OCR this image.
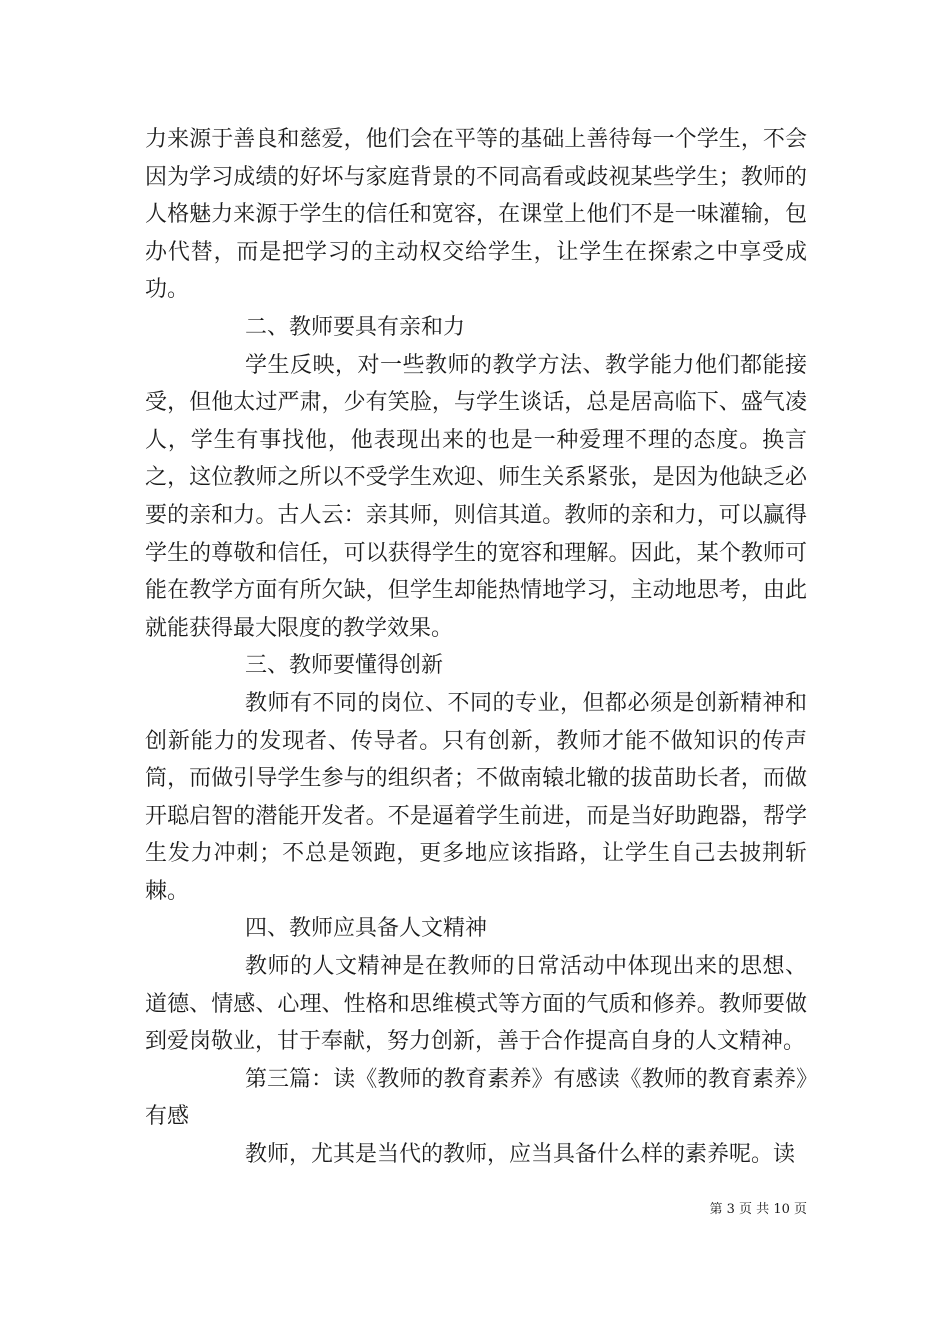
力来源于善良和慈爱，他们会在平等的基础上善待每一个学生，不会因为学习成绩的好坏与家庭背景的不同高看或歧视某些学生；教师的人格魅力来源于学生的信任和宽容，在课堂上他们不是一味灌输，包办代替，而是把学习的主动权交给学生，让学生在探索之中享受成功。

二、教师要具有亲和力

学生反映，对一些教师的教学方法、教学能力他们都能接受，但他太过严肃，少有笑脸，与学生谈话，总是居高临下、盛气凌人，学生有事找他，他表现出来的也是一种爱理不理的态度。换言之，这位教师之所以不受学生欢迎、师生关系紧张，是因为他缺乏必要的亲和力。古人云：亲其师，则信其道。教师的亲和力，可以赢得学生的尊敬和信任，可以获得学生的宽容和理解。因此，某个教师可能在教学方面有所欠缺，但学生却能热情地学习，主动地思考，由此就能获得最大限度的教学效果。

三、教师要懂得创新

教师有不同的岗位、不同的专业，但都必须是创新精神和创新能力的发现者、传导者。只有创新，教师才能不做知识的传声筒，而做引导学生参与的组织者；不做南辕北辙的拔苗助长者，而做开聪启智的潜能开发者。不是逼着学生前进，而是当好助跑器，帮学生发力冲刺；不总是领跑，更多地应该指路，让学生自己去披荆斩棘。

四、教师应具备人文精神

教师的人文精神是在教师的日常活动中体现出来的思想、道德、情感、心理、性格和思维模式等方面的气质和修养。教师要做到爱岗敬业，甘于奉献，努力创新，善于合作提高自身的人文精神。

第三篇：读《教师的教育素养》有感读《教师的教育素养》有感

教师，尤其是当代的教师，应当具备什么样的素养呢。读

第 3 页 共 10 页
